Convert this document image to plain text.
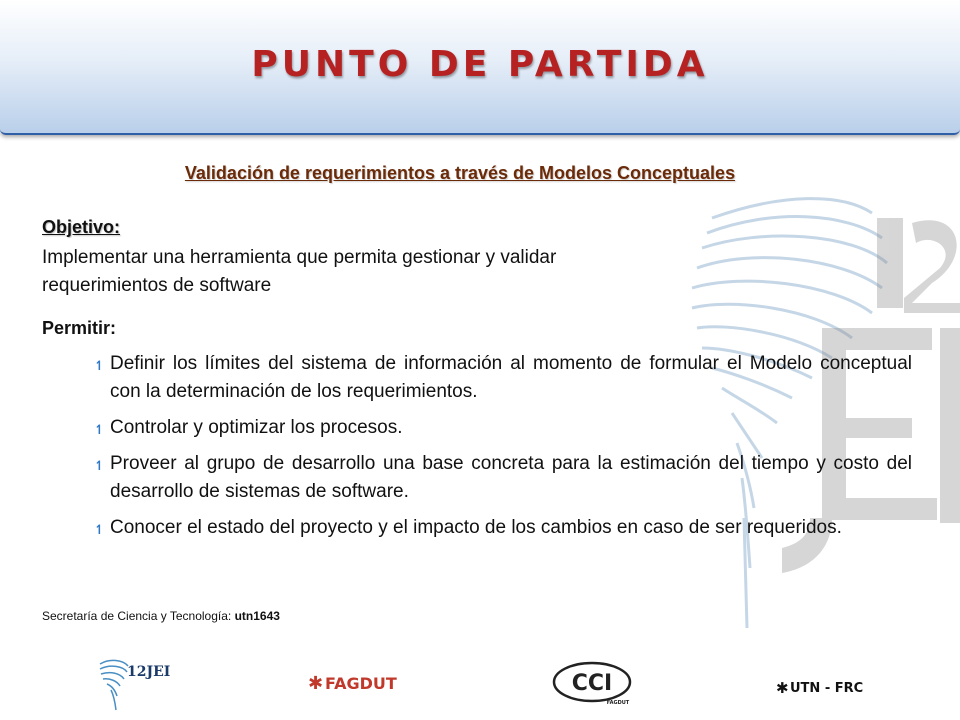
PUNTO DE PARTIDA
Validación de requerimientos a través de Modelos Conceptuales
Objetivo:
Implementar una herramienta que permita gestionar y validar
requerimientos de software
Permitir:
↿ Definir los límites del sistema de información al momento de formular el Modelo conceptual con la determinación de los requerimientos.
↿ Controlar y optimizar los procesos.
↿ Proveer al grupo de desarrollo una base concreta para la estimación del tiempo y costo del desarrollo de sistemas de software.
↿ Conocer el estado del proyecto y el impacto de los cambios en caso de ser requeridos.
Secretaría de Ciencia y Tecnología: utn1643
12JEI
✱ FAGDUT	CCI
FAGDUT
✱ UTN - FRC
